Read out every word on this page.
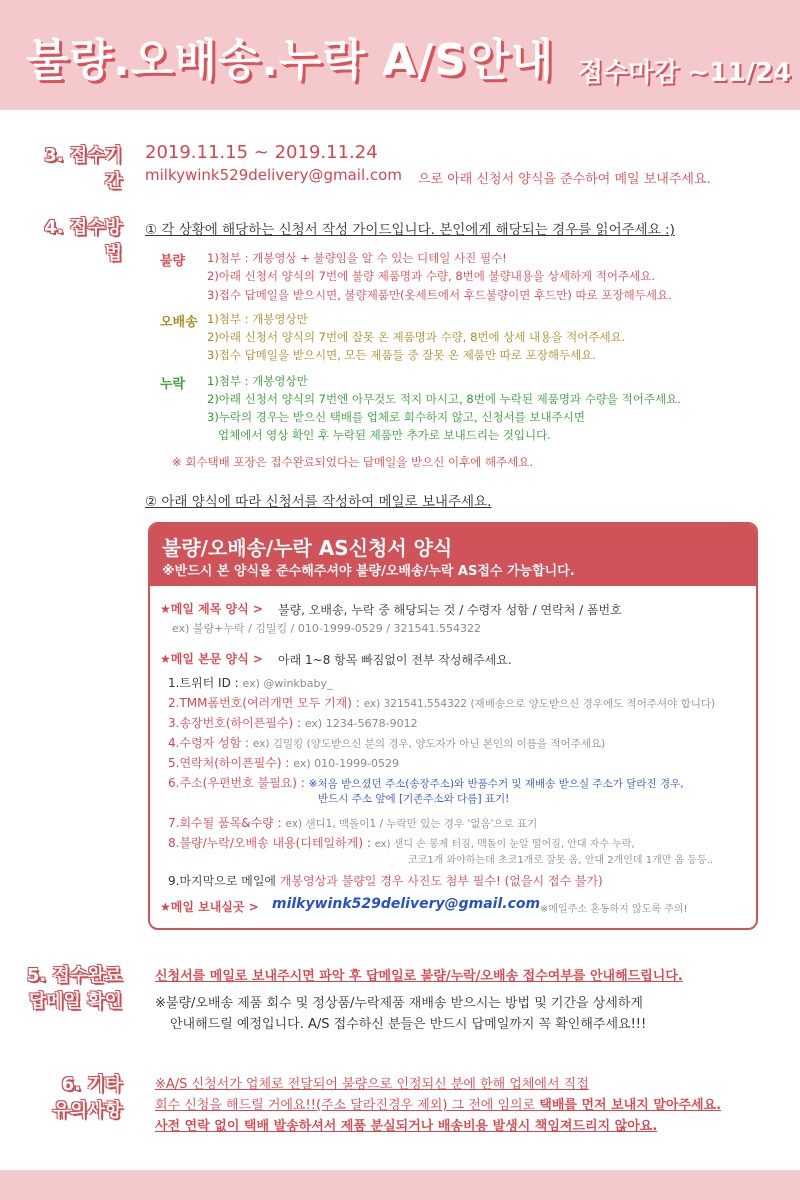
불량.오배송.누락 A/S안내 접수마감 ~11/24
3. 접수기간
2019.11.15 ~ 2019.11.24
milkywink529delivery@gmail.com 으로 아래 신청서 양식을 준수하여 메일 보내주세요.
4. 접수방법
① 각 상황에 해당하는 신청서 작성 가이드입니다. 본인에게 해당되는 경우를 읽어주세요 :)
불량 1)첨부 : 개봉영상 + 불량임을 알 수 있는 디테일 사진 필수!
2)아래 신청서 양식의 7번에 불량 제품명과 수량, 8번에 불량내용을 상세하게 적어주세요.
3)접수 답메일을 받으시면, 불량제품만(옷세트에서 후드불량이면 후드만) 따로 포장해두세요.
오배송 1)첨부 : 개봉영상만
2)아래 신청서 양식의 7번에 잘못 온 제품명과 수량, 8번에 상세 내용을 적어주세요.
3)접수 답메일을 받으시면, 모든 제품들 중 잘못 온 제품만 따로 포장해두세요.
누락 1)첨부 : 개봉영상만
2)아래 신청서 양식의 7번엔 아무것도 적지 마시고, 8번에 누락된 제품명과 수량을 적어주세요.
3)누락의 경우는 받으신 택배를 업체로 회수하지 않고, 신청서를 보내주시면
업체에서 영상 확인 후 누락된 제품만 추가로 보내드리는 것입니다.
※ 회수택배 포장은 접수완료되었다는 답메일을 받으신 이후에 해주세요.
② 아래 양식에 따라 신청서를 작성하여 메일로 보내주세요.
불량/오배송/누락 AS신청서 양식
※반드시 본 양식을 준수해주셔야 불량/오배송/누락 AS접수 가능합니다.
★메일 제목 양식 > 불량, 오배송, 누락 중 해당되는 것 / 수령자 성함 / 연락처 / 폼번호
ex) 불량+누락 / 김밀킹 / 010-1999-0529 / 321541.554322
★메일 본문 양식 > 아래 1~8 항목 빠짐없이 전부 작성해주세요.
1.트위터 ID : ex) @winkbaby_
2.TMM폼번호(여러개면 모두 기재) : ex) 321541,554322 (재배송으로 양도받으신 경우에도 적어주셔야 합니다)
3.송장번호(하이픈필수) : ex) 1234-5678-9012
4.수령자 성함 : ex) 김밀킹 (양도받으신 분의 경우, 양도자가 아닌 본인의 이름을 적어주세요)
5.연락처(하이픈필수) : ex) 010-1999-0529
6.주소(우편번호 불필요) : ※처음 받으셨던 주소(송장주소)와 반품수거 및 재배송 받으실 주소가 달라진 경우,
반드시 주소 앞에 [기존주소와 다름] 표기!
7.회수될 품목&수량 : ex) 샌디1, 맥돌이1 / 누락만 있는 경우 '없음'으로 표기
8.불량/누락/오배송 내용(디테일하게) : ex) 샌디 손 봉제 터짐, 맥돌이 눈알 떨어짐, 안대 자수 누락,
코코1개 와야하는데 초코1개로 잘못 옴, 안대 2개인데 1개만 옴 등등..
9.마지막으로 메일에 개봉영상과 불량일 경우 사진도 첨부 필수! (없을시 접수 불가)
★메일 보내실곳 > milkywink529delivery@gmail.com ※메일주소 혼동하지 않도록 주의!
5. 접수완료
답메일 확인
신청서를 메일로 보내주시면 파악 후 답메일로 불량/누락/오배송 접수여부를 안내해드립니다.
※불량/오배송 제품 회수 및 정상품/누락제품 재배송 받으시는 방법 및 기간을 상세하게
안내해드릴 예정입니다. A/S 접수하신 분들은 반드시 답메일까지 꼭 확인해주세요!!!
6. 기타
유의사항
※A/S 신청서가 업체로 전달되어 불량으로 인정되신 분에 한해 업체에서 직접
회수 신청을 해드릴 거에요!!(주소 달라진경우 제외) 그 전에 임의로 택배를 먼저 보내지 말아주세요.
사전 연락 없이 택배 발송하셔서 제품 분실되거나 배송비용 발생시 책임져드리지 않아요.
